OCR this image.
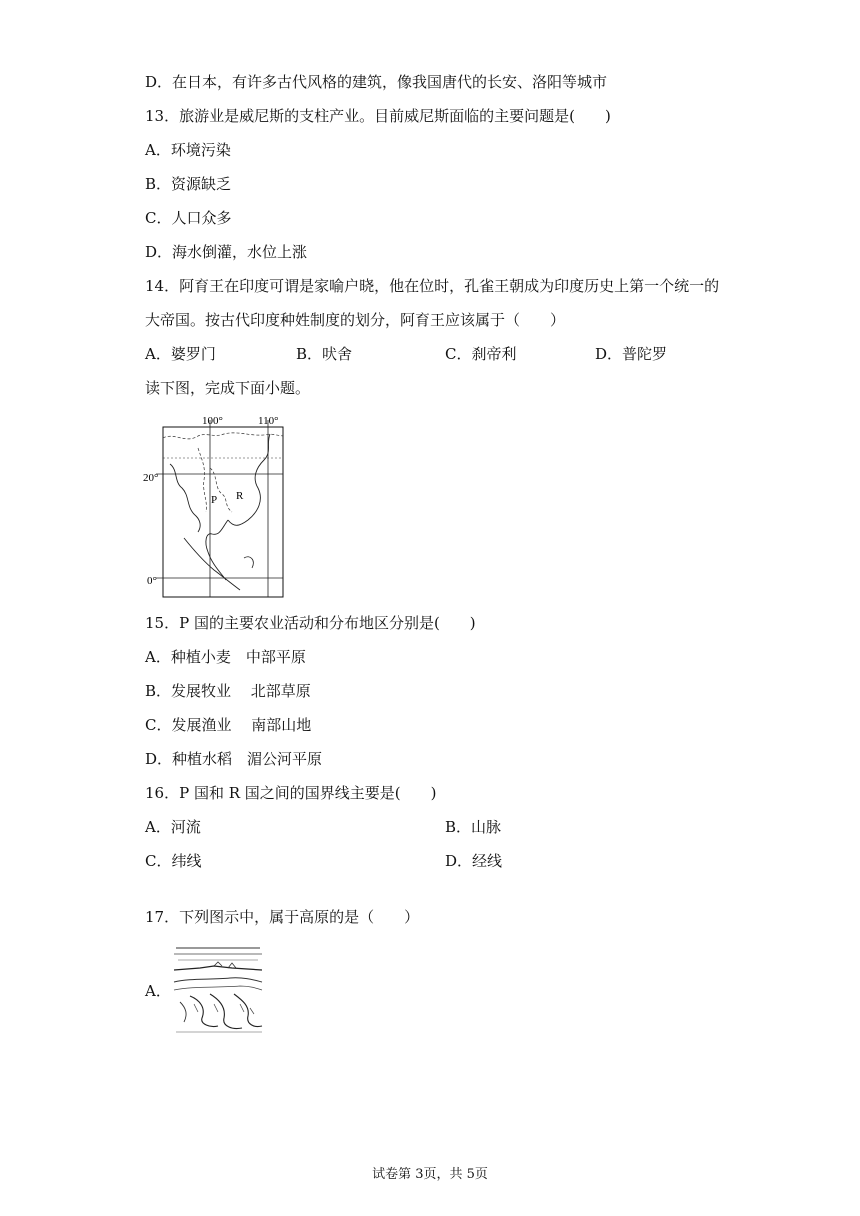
D．在日本，有许多古代风格的建筑，像我国唐代的长安、洛阳等城市
13．旅游业是威尼斯的支柱产业。目前威尼斯面临的主要问题是(　　)
A．环境污染
B．资源缺乏
C．人口众多
D．海水倒灌，水位上涨
14．阿育王在印度可谓是家喻户晓，他在位时，孔雀王朝成为印度历史上第一个统一的
大帝国。按古代印度种姓制度的划分，阿育王应该属于（　　）
A．婆罗门	B．吠舍	C．刹帝利	D．普陀罗
读下图，完成下面小题。
100°	110°
20°
0°
P R
15．P 国的主要农业活动和分布地区分别是(　　)
A．种植小麦　中部平原
B．发展牧业　 北部草原
C．发展渔业　 南部山地
D．种植水稻　湄公河平原
16．P 国和 R 国之间的国界线主要是(　　)
A．河流	B．山脉
C．纬线	D．经线
17．下列图示中，属于高原的是（　　）
A．
试卷第 3页，共 5页
